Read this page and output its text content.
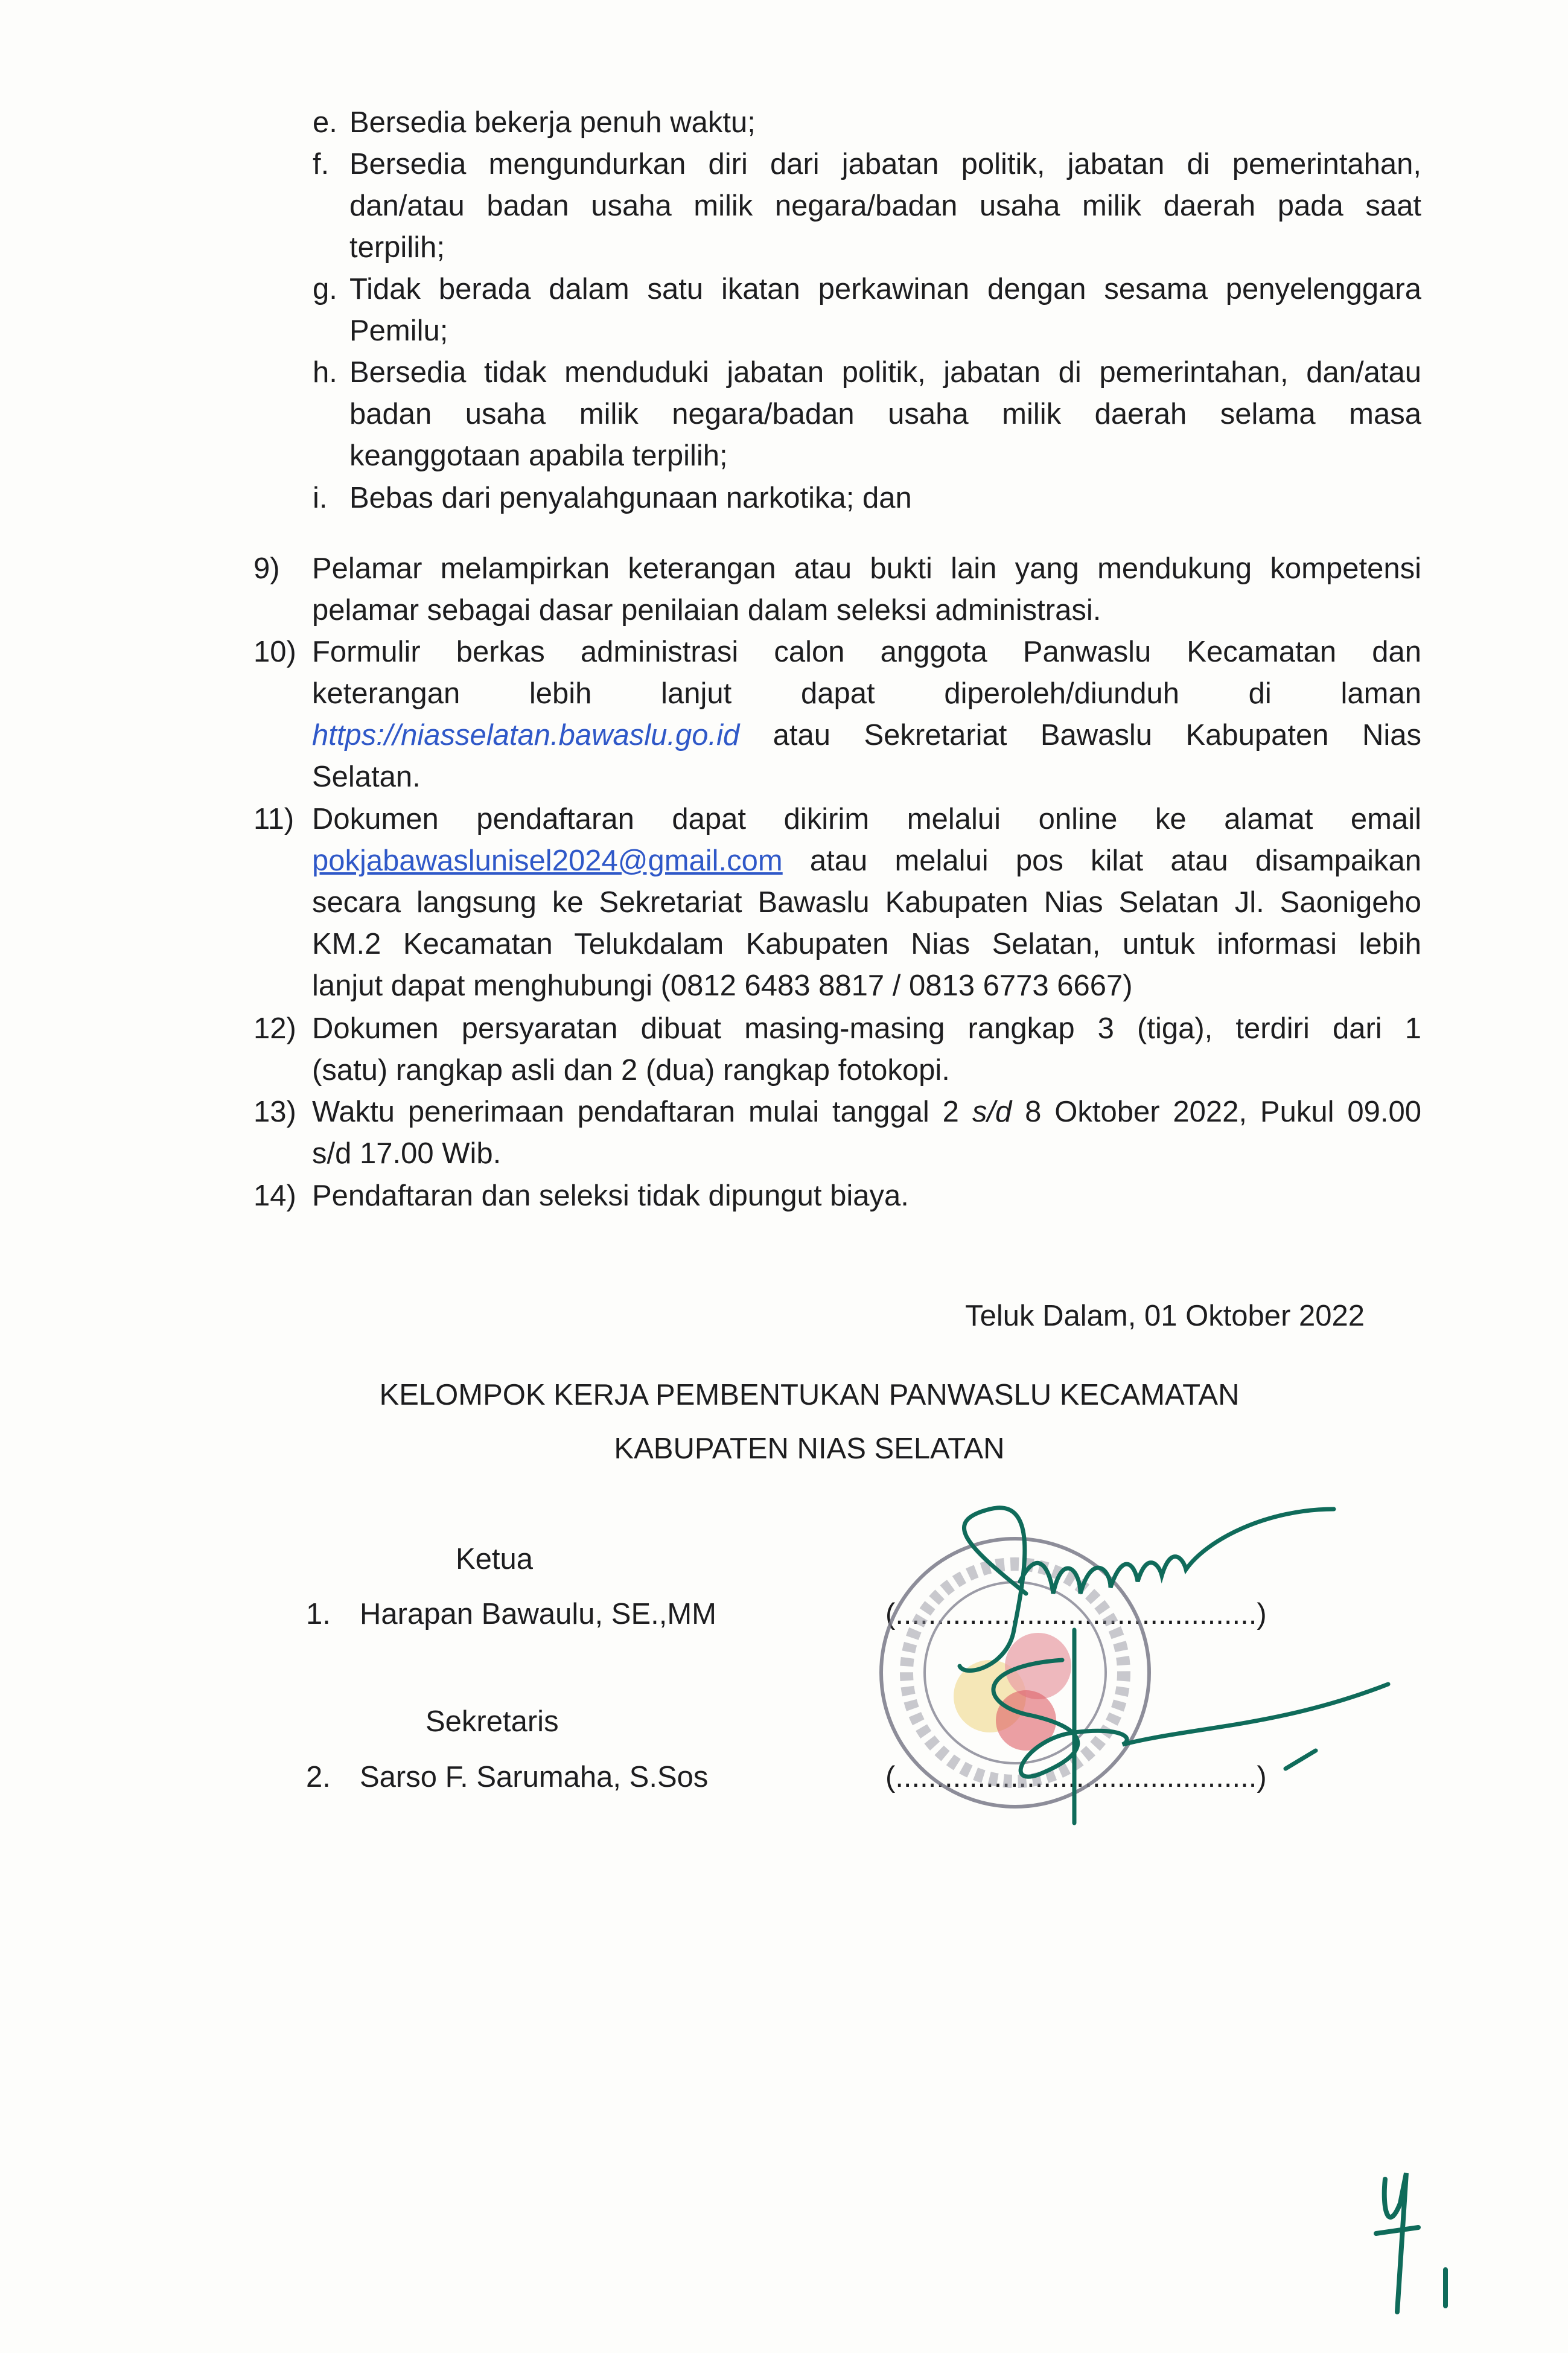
e. Bersedia bekerja penuh waktu;
f. Bersedia mengundurkan diri dari jabatan politik, jabatan di pemerintahan,
dan/atau badan usaha milik negara/badan usaha milik daerah pada saat
terpilih;
g. Tidak berada dalam satu ikatan perkawinan dengan sesama penyelenggara
Pemilu;
h. Bersedia tidak menduduki jabatan politik, jabatan di pemerintahan, dan/atau
badan usaha milik negara/badan usaha milik daerah selama masa
keanggotaan apabila terpilih;
i. Bebas dari penyalahgunaan narkotika; dan
9) Pelamar melampirkan keterangan atau bukti lain yang mendukung kompetensi
pelamar sebagai dasar penilaian dalam seleksi administrasi.
10) Formulir berkas administrasi calon anggota Panwaslu Kecamatan dan
keterangan lebih lanjut dapat diperoleh/diunduh di laman
https://niasselatan.bawaslu.go.id atau Sekretariat Bawaslu Kabupaten Nias
Selatan.
11) Dokumen pendaftaran dapat dikirim melalui online ke alamat email
pokjabawaslunisel2024@gmail.com atau melalui pos kilat atau disampaikan
secara langsung ke Sekretariat Bawaslu Kabupaten Nias Selatan Jl. Saonigeho
KM.2 Kecamatan Telukdalam Kabupaten Nias Selatan, untuk informasi lebih
lanjut dapat menghubungi (0812 6483 8817 / 0813 6773 6667)
12) Dokumen persyaratan dibuat masing-masing rangkap 3 (tiga), terdiri dari 1
(satu) rangkap asli dan 2 (dua) rangkap fotokopi.
13) Waktu penerimaan pendaftaran mulai tanggal 2 s/d 8 Oktober 2022, Pukul 09.00
s/d 17.00 Wib.
14) Pendaftaran dan seleksi tidak dipungut biaya.
Teluk Dalam, 01 Oktober 2022
KELOMPOK KERJA PEMBENTUKAN PANWASLU KECAMATAN
KABUPATEN NIAS SELATAN
Ketua
1. Harapan Bawaulu, SE.,MM	(............................................)
Sekretaris
2. Sarso F. Sarumaha, S.Sos	(............................................)
